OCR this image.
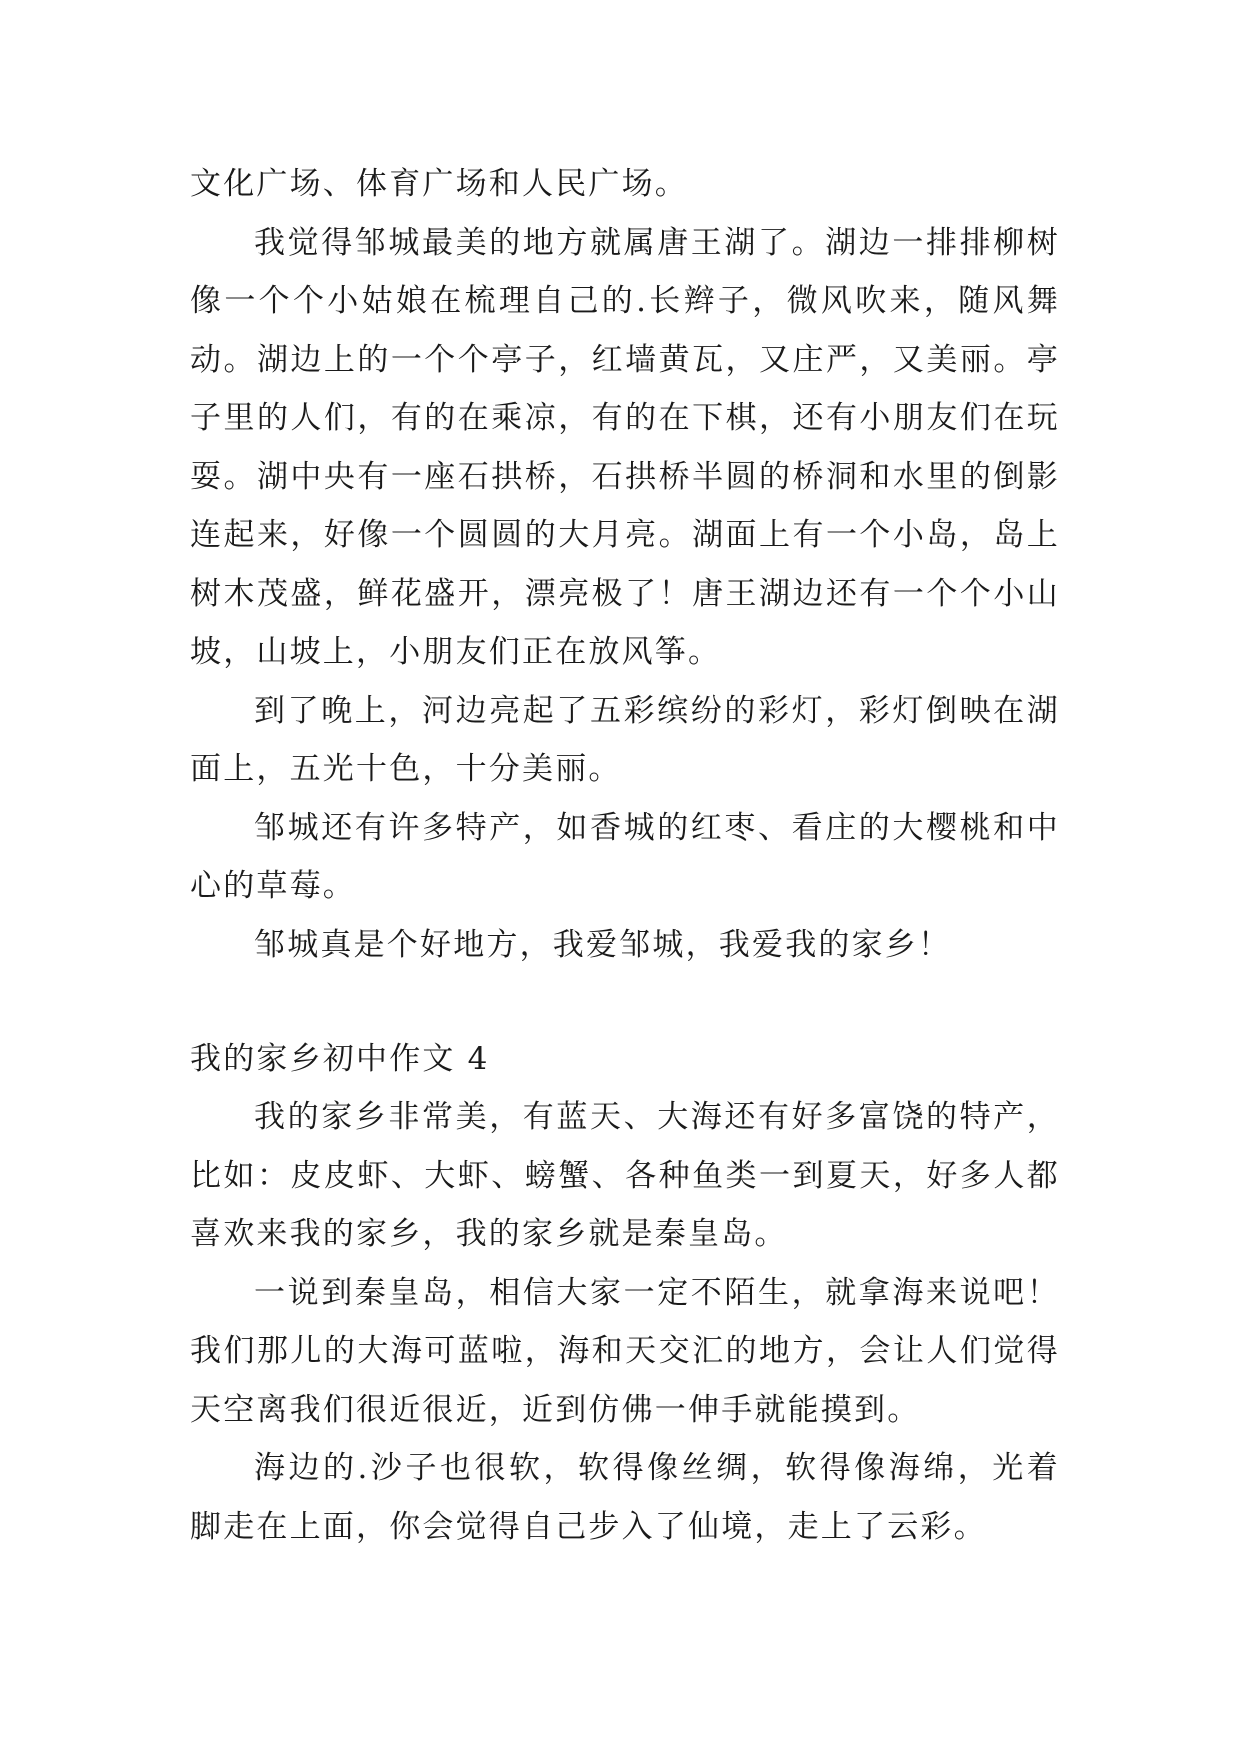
文化广场、体育广场和人民广场。

我觉得邹城最美的地方就属唐王湖了。湖边一排排柳树像一个个小姑娘在梳理自己的.长辫子，微风吹来，随风舞动。湖边上的一个个亭子，红墙黄瓦，又庄严，又美丽。亭子里的人们，有的在乘凉，有的在下棋，还有小朋友们在玩耍。湖中央有一座石拱桥，石拱桥半圆的桥洞和水里的倒影连起来，好像一个圆圆的大月亮。湖面上有一个小岛，岛上树木茂盛，鲜花盛开，漂亮极了！唐王湖边还有一个个小山坡，山坡上，小朋友们正在放风筝。

到了晚上，河边亮起了五彩缤纷的彩灯，彩灯倒映在湖面上，五光十色，十分美丽。

邹城还有许多特产，如香城的红枣、看庄的大樱桃和中心的草莓。

邹城真是个好地方，我爱邹城，我爱我的家乡！

我的家乡初中作文 4

我的家乡非常美，有蓝天、大海还有好多富饶的特产，比如：皮皮虾、大虾、螃蟹、各种鱼类一到夏天，好多人都喜欢来我的家乡，我的家乡就是秦皇岛。

一说到秦皇岛，相信大家一定不陌生，就拿海来说吧！我们那儿的大海可蓝啦，海和天交汇的地方，会让人们觉得天空离我们很近很近，近到仿佛一伸手就能摸到。

海边的.沙子也很软，软得像丝绸，软得像海绵，光着脚走在上面，你会觉得自己步入了仙境，走上了云彩。
